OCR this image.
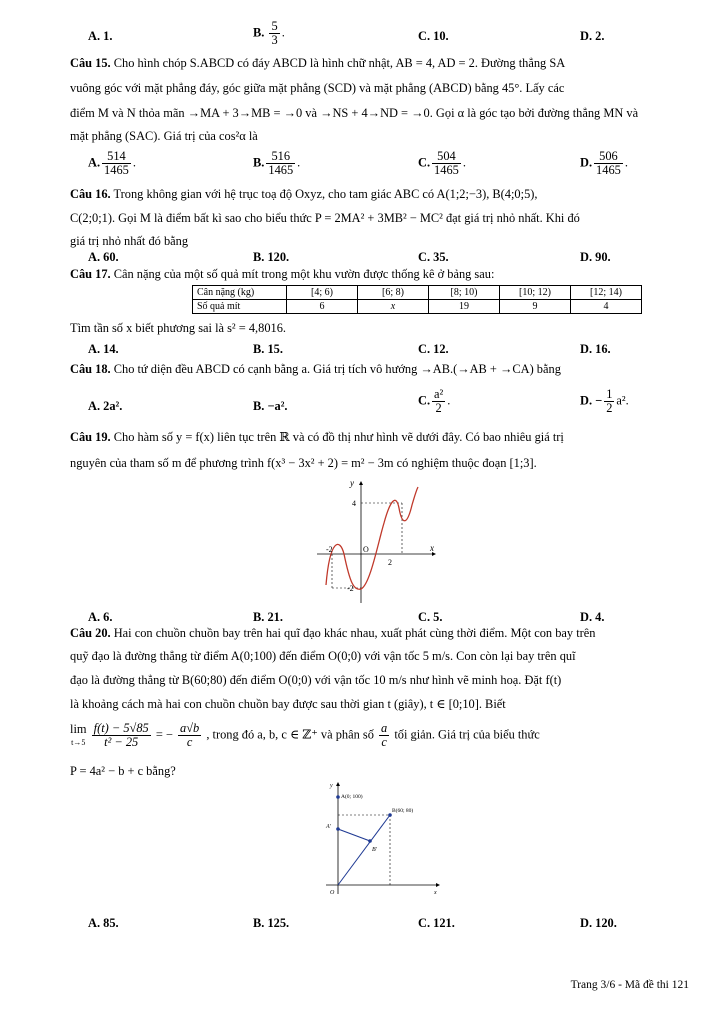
A. 1.	B. $\frac{5}{3}$ .	C. 10.	D. 2.
Câu 15. Cho hình chóp S.ABCD có đáy ABCD là hình chữ nhật, AB = 4, AD = 2. Đường thẳng SA
vuông góc với mặt phẳng đáy, góc giữa mặt phẳng (SCD) và mặt phẳng (ABCD) bằng 45°. Lấy các
điểm M và N thỏa mãn →MA + 3→MB = →0 và →NS + 4→ND = →0. Gọi α là góc tạo bởi đường thẳng MN và
mặt phẳng (SAC). Giá trị của cos²α là
A. $\frac{514}{1465}$ .	B. $\frac{516}{1465}$ .	C. $\frac{504}{1465}$ .	D. $\frac{506}{1465}$ .
Câu 16. Trong không gian với hệ trục toạ độ Oxyz, cho tam giác ABC có A(1;2;−3), B(4;0;5),
C(2;0;1). Gọi M là điểm bất kì sao cho biểu thức P = 2MA² + 3MB² − MC² đạt giá trị nhỏ nhất. Khi đó
giá trị nhỏ nhất đó bằng
A. 60.	B. 120.	C. 35.	D. 90.
Câu 17. Cân nặng của một số quả mít trong một khu vườn được thống kê ở bảng sau:
Cân nặng (kg)	[4; 6)	[6; 8)	[8; 10)	[10; 12)	[12; 14)
Số quả mít	6	x	19	9	4
Tìm tần số x biết phương sai là s² = 4,8016.
A. 14.	B. 15.	C. 12.	D. 16.
Câu 18. Cho tứ diện đều ABCD có cạnh bằng a. Giá trị tích vô hướng →AB.(→AB + →CA) bằng
A. 2a².	B. −a².	C. $\frac{\text{a²}}{2}$ .	D. − $\frac{1}{2} a^2$.
Câu 19. Cho hàm số y = f(x) liên tục trên ℝ và có đồ thị như hình vẽ dưới đây. Có bao nhiêu giá trị
nguyên của tham số m để phương trình f(x³ − 3x² + 2) = m² − 3m có nghiệm thuộc đoạn [1;3].
y
x
O
4
-2
2
-2
A. 6.	B. 21.	C. 5.	D. 4.
Câu 20. Hai con chuồn chuồn bay trên hai quĩ đạo khác nhau, xuất phát cùng thời điểm. Một con bay trên
quỹ đạo là đường thẳng từ điểm A(0;100) đến điểm O(0;0) với vận tốc 5 m/s. Con còn lại bay trên quĩ
đạo là đường thẳng từ B(60;80) đến điểm O(0;0) với vận tốc 10 m/s như hình vẽ minh hoạ. Đặt f(t)
là khoảng cách mà hai con chuồn chuồn bay được sau thời gian t (giây), t ∈ [0;10]. Biết
lim
$t\to 5 \frac{f(t) - 5√85}{\text{t² − 25}}$ = − $\frac{a√b}{c}$ , trong đó a, b, c ∈ ℤ⁺ và phân số $\frac{a}{c}$ tối giản. Giá trị của biểu thức
P = 4a² − b + c bằng?
y
x
O
A(0; 100)
B(60; 80)
A'
B'
A. 85.	B. 125.	C. 121.	D. 120.
Trang 3/6 - Mã đề thi 121
